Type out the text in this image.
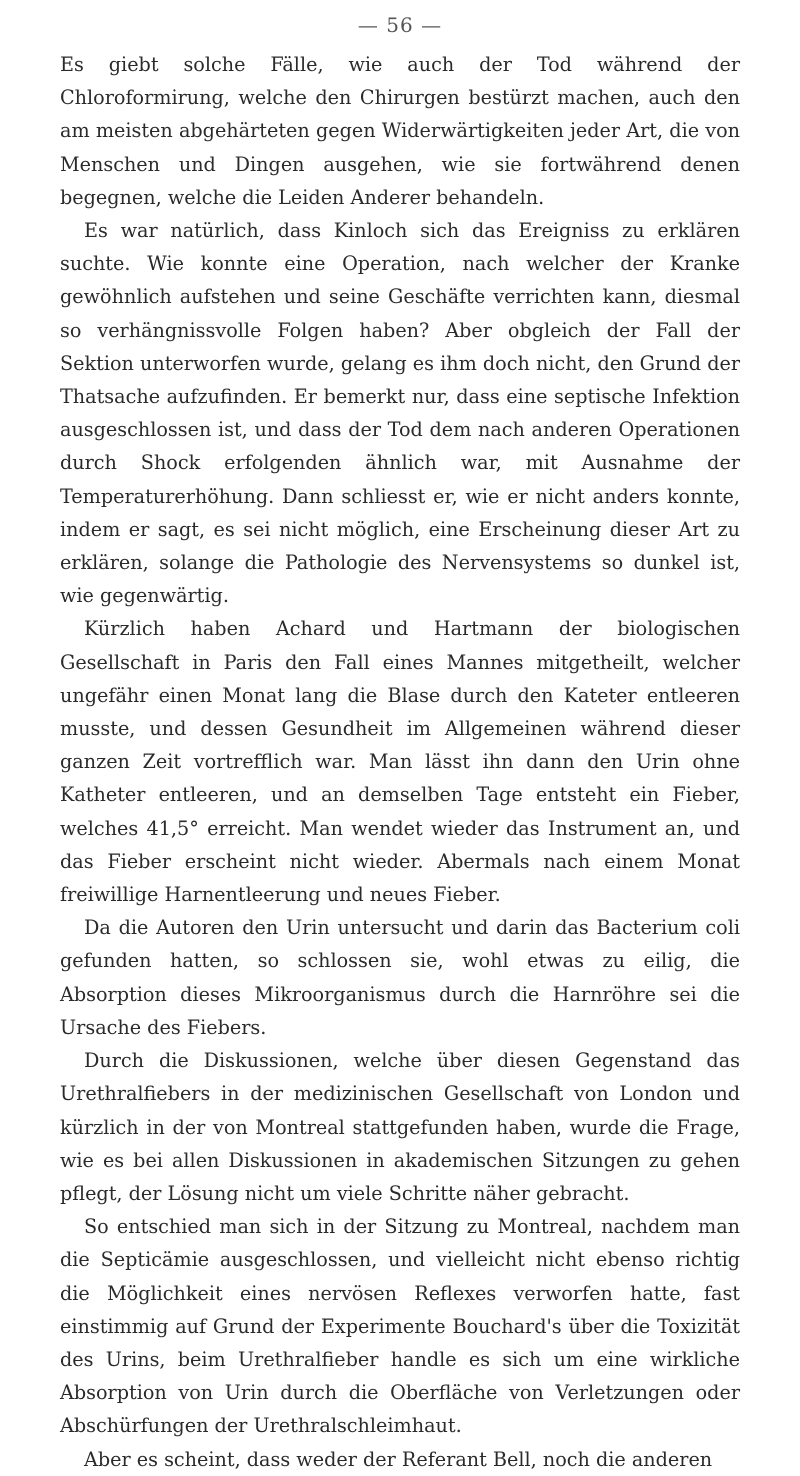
— 56 —

Es giebt solche Fälle, wie auch der Tod während der Chloroformirung, welche den Chirurgen bestürzt machen, auch den am meisten abgehärteten gegen Widerwärtigkeiten jeder Art, die von Menschen und Dingen ausgehen, wie sie fortwährend denen begegnen, welche die Leiden Anderer behandeln.

Es war natürlich, dass Kinloch sich das Ereigniss zu erklären suchte. Wie konnte eine Operation, nach welcher der Kranke gewöhnlich aufstehen und seine Geschäfte verrichten kann, diesmal so verhängnissvolle Folgen haben? Aber obgleich der Fall der Sektion unterworfen wurde, gelang es ihm doch nicht, den Grund der Thatsache aufzufinden. Er bemerkt nur, dass eine septische Infektion ausgeschlossen ist, und dass der Tod dem nach anderen Operationen durch Shock erfolgenden ähnlich war, mit Ausnahme der Temperaturerhöhung. Dann schliesst er, wie er nicht anders konnte, indem er sagt, es sei nicht möglich, eine Erscheinung dieser Art zu erklären, solange die Pathologie des Nervensystems so dunkel ist, wie gegenwärtig.

Kürzlich haben Achard und Hartmann der biologischen Gesellschaft in Paris den Fall eines Mannes mitgetheilt, welcher ungefähr einen Monat lang die Blase durch den Kateter entleeren musste, und dessen Gesundheit im Allgemeinen während dieser ganzen Zeit vortrefflich war. Man lässt ihn dann den Urin ohne Katheter entleeren, und an demselben Tage entsteht ein Fieber, welches 41,5° erreicht. Man wendet wieder das Instrument an, und das Fieber erscheint nicht wieder. Abermals nach einem Monat freiwillige Harnentleerung und neues Fieber.

Da die Autoren den Urin untersucht und darin das Bacterium coli gefunden hatten, so schlossen sie, wohl etwas zu eilig, die Absorption dieses Mikroorganismus durch die Harnröhre sei die Ursache des Fiebers.

Durch die Diskussionen, welche über diesen Gegenstand das Urethralfiebers in der medizinischen Gesellschaft von London und kürzlich in der von Montreal stattgefunden haben, wurde die Frage, wie es bei allen Diskussionen in akademischen Sitzungen zu gehen pflegt, der Lösung nicht um viele Schritte näher gebracht.

So entschied man sich in der Sitzung zu Montreal, nachdem man die Septicämie ausgeschlossen, und vielleicht nicht ebenso richtig die Möglichkeit eines nervösen Reflexes verworfen hatte, fast einstimmig auf Grund der Experimente Bouchard's über die Toxizität des Urins, beim Urethralfieber handle es sich um eine wirkliche Absorption von Urin durch die Oberfläche von Verletzungen oder Abschürfungen der Urethralschleimhaut.

Aber es scheint, dass weder der Referant Bell, noch die anderen
